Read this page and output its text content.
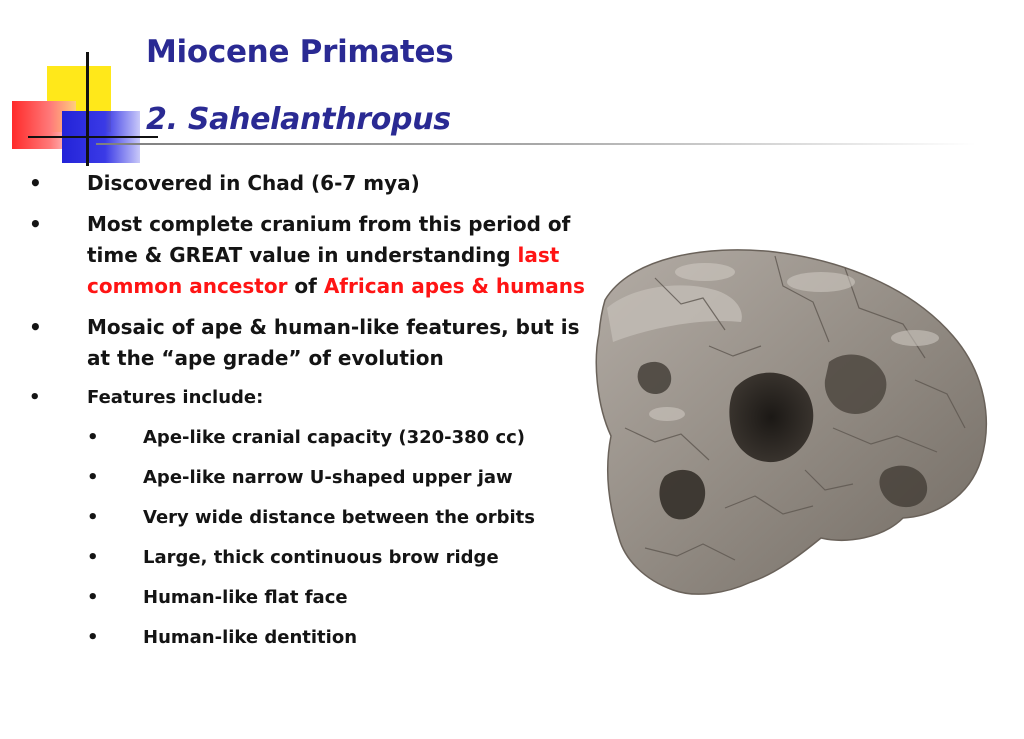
Miocene Primates
2. Sahelanthropus
• Discovered in Chad (6-7 mya)
• Most complete cranium from this period of time & GREAT value in understanding last common ancestor of African apes & humans
• Mosaic of ape & human-like features, but is at the “ape grade” of evolution
•	Features include:
• Ape-like cranial capacity (320-380 cc)
• Ape-like narrow U-shaped upper jaw
• Very wide distance between the orbits
• Large, thick continuous brow ridge
• Human-like flat face
• Human-like dentition
